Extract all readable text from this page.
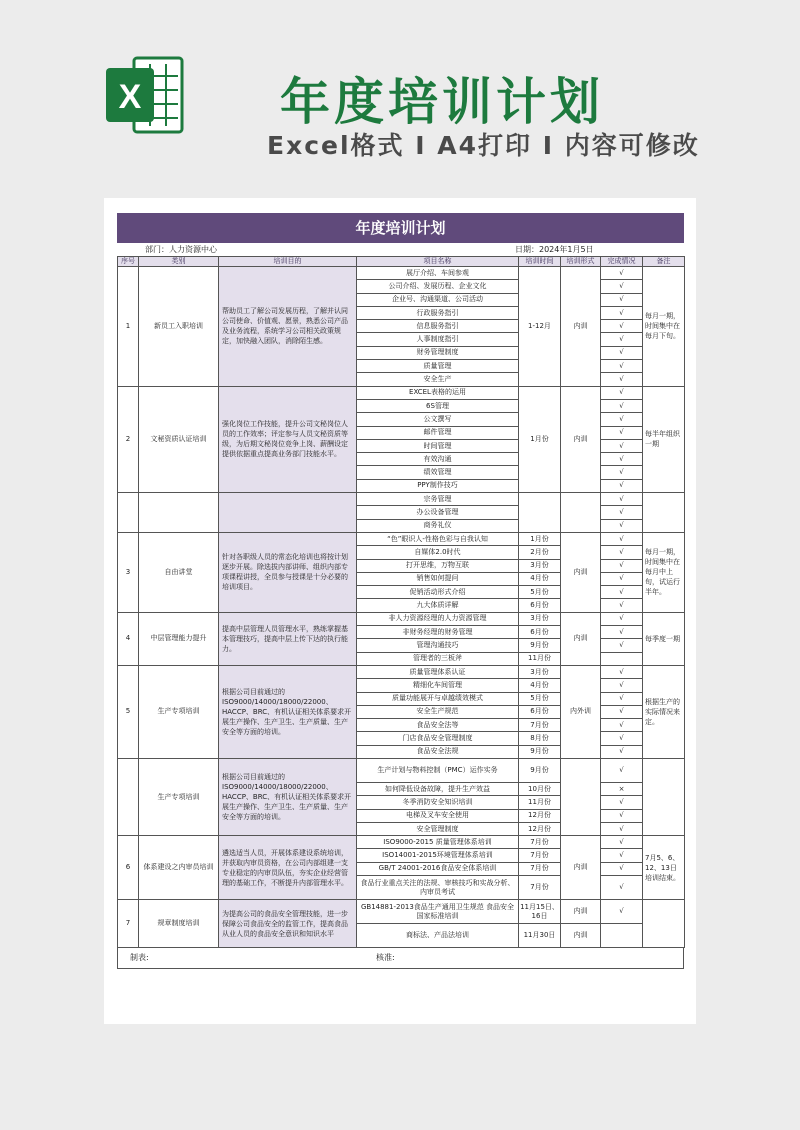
X	年度培训计划
Excel格式 I A4打印 I 内容可修改
年度培训计划
部门：人力资源中心	日期：2024年1月5日
序号	类别	培训目的	项目名称	培训时间	培训形式	完成情况	备注
1	新员工入职培训	帮助员工了解公司发展历程，了解并认同公司使命、价值观、愿景，熟悉公司产品及业务流程，系统学习公司相关政策规定，加快融入团队，消除陌生感。	展厅介绍、车间参观	1-12月	内训	√	每月一期，时间集中在每月下旬。
			公司介绍、发展历程、企业文化			√	
			企业号、沟通渠道、公司活动			√	
			行政服务指引			√	
			信息服务指引			√	
			人事制度指引			√	
			财务管理制度			√	
			质量管理			√	
			安全生产			√	
2	文秘资质认证培训	强化岗位工作技能，提升公司文秘岗位人员的工作效率；评定参与人员文秘资质等级，为后期文秘岗位竞争上岗、薪酬设定提供依据重点提高业务部门技能水平。	EXCEL表格的运用	1月份	内训	√	每半年组织一期
			6S管理			√	
			公文撰写			√	
			邮件管理			√	
			时间管理			√	
			有效沟通			√	
			绩效管理			√	
			PPY制作技巧			√	
			宗务管理			√	
			办公设备管理			√	
			商务礼仪			√	
3	自由讲堂	针对各职级人员的常态化培训也将按计划逐步开展。除选拔内部讲师、组织内部专项课程讲授，全员参与授课是十分必要的培训项目。	“色”眼识人-性格色彩与自我认知	1月份	内训	√	每月一期，时间集中在每月中上旬，试运行半年。
			自媒体2.0时代	2月份		√	
			打开思维，万物互联	3月份		√	
			销售如何提问	4月份		√	
			促销活动形式介绍	5月份		√	
			九大体质详解	6月份		√	
4	中层管理能力提升	提高中层管理人员管理水平，熟练掌握基本管理技巧，提高中层上传下达的执行能力。	非人力资源经理的人力资源管理	3月份	内训	√	每季度一期
			非财务经理的财务管理	6月份		√	
			管理沟通技巧	9月份		√	
			管理者的三板斧	11月份			
5	生产专项培训	根据公司目前通过的ISO9000/14000/18000/22000、HACCP、BRC、有机认证相关体系要求开展生产操作、生产卫生、生产质量、生产安全等方面的培训。	质量管理体系认证	3月份	内外训	√	根据生产的实际情况来定。
			精细化车间管理	4月份		√	
			质量功能展开与卓越绩效模式	5月份		√	
			安全生产规范	6月份		√	
			食品安全法等	7月份		√	
			门店食品安全管理制度	8月份		√	
			食品安全法规	9月份		√	
	生产专项培训	根据公司目前通过的ISO9000/14000/18000/22000、HACCP、BRC、有机认证相关体系要求开展生产操作、生产卫生、生产质量、生产安全等方面的培训。	生产计划与物料控制（PMC）运作实务	9月份		√	
			如何降低设备故障，提升生产效益	10月份		×	
			冬季消防安全知识培训	11月份		√	
			电梯及叉车安全使用	12月份		√	
			安全管理制度	12月份		√	
6	体系建设之内审员培训	遴选适当人员，开展体系建设系统培训，并获取内审员资格，在公司内部组建一支专业稳定的内审员队伍，夯实企业经营管理的基础工作，不断提升内部管理水平。	ISO9000-2015 质量管理体系培训	7月份	内训	√	7月5、6、12、13日培训结束。
			ISO14001-2015环境管理体系培训	7月份		√	
			GB/T 24001-2016食品安全体系培训	7月份		√	
			食品行业重点关注的法规、审核技巧和实战分析、内审员考试	7月份		√	
7	规章制度培训	为提高公司的食品安全管理技能，进一步保障公司食品安全的监管工作，提高食品从业人员的食品安全意识和知识水平	GB14881-2013食品生产通用卫生规范 食品安全国家标准培训	11月15日、16日	内训	√	
			商标法、产品法培训	11月30日	内训		
制表:	核准:
